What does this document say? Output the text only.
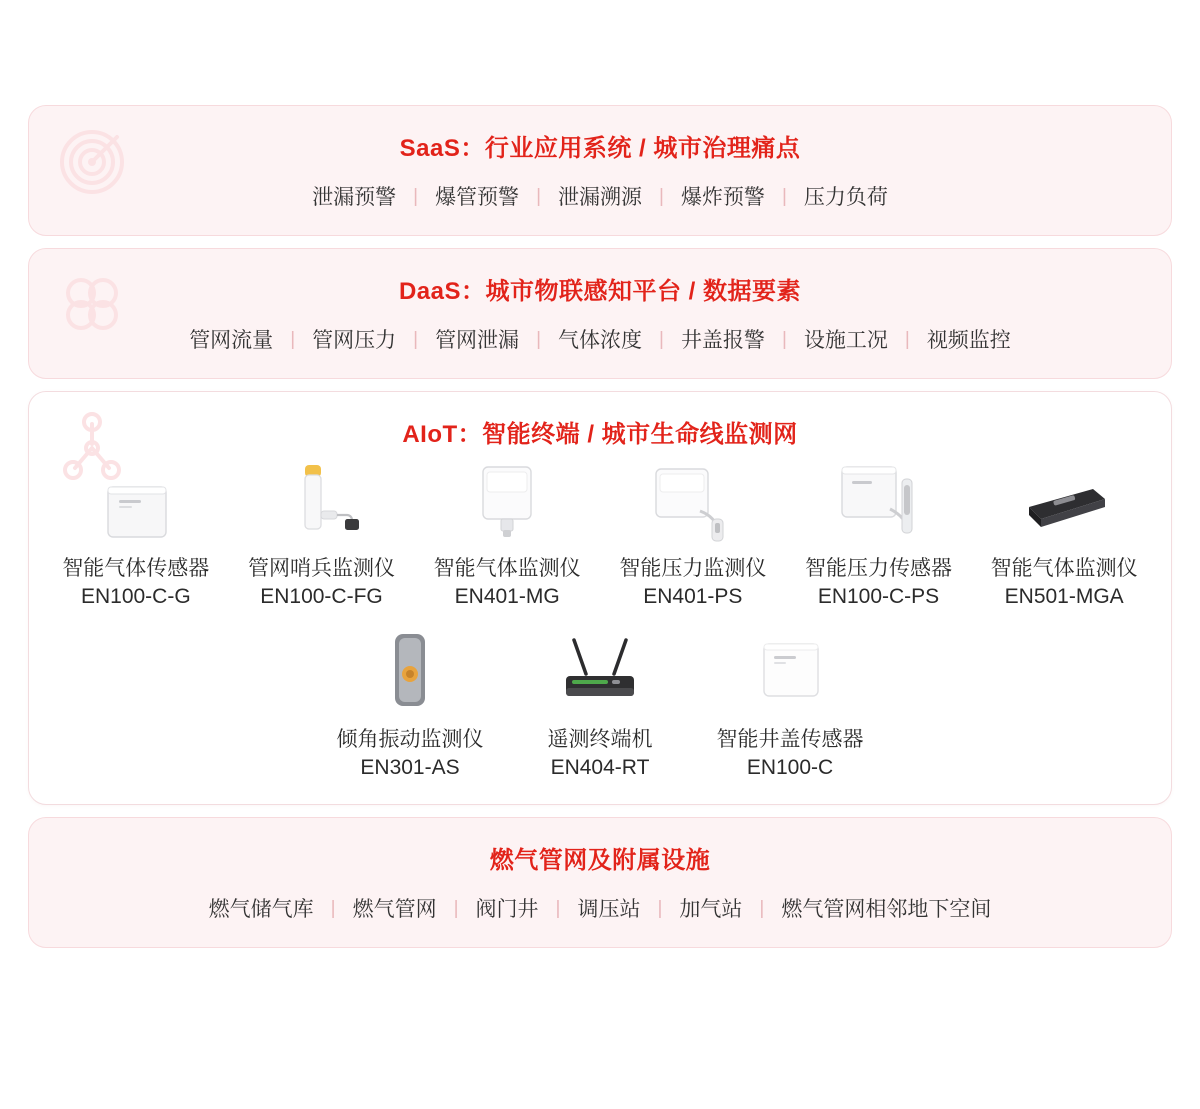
SaaS：行业应用系统 / 城市治理痛点
泄漏预警 | 爆管预警 | 泄漏溯源 | 爆炸预警 | 压力负荷
DaaS：城市物联感知平台 / 数据要素
管网流量 | 管网压力 | 管网泄漏 | 气体浓度 | 井盖报警 | 设施工况 | 视频监控
AIoT：智能终端 / 城市生命线监测网
智能气体传感器
EN100-C-G
管网哨兵监测仪
EN100-C-FG
智能气体监测仪
EN401-MG
智能压力监测仪
EN401-PS
智能压力传感器
EN100-C-PS
智能气体监测仪
EN501-MGA
倾角振动监测仪
EN301-AS
遥测终端机
EN404-RT
智能井盖传感器
EN100-C
燃气管网及附属设施
燃气储气库 | 燃气管网 | 阀门井 | 调压站 | 加气站 | 燃气管网相邻地下空间
